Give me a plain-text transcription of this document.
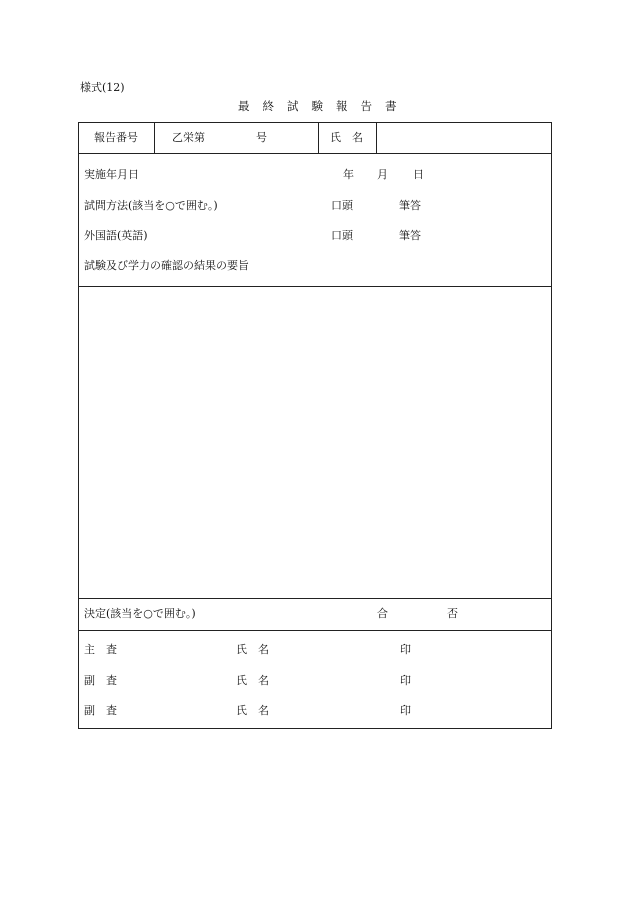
様式(12)
最終試験報告書
報告番号	乙栄第	号	氏　名
実施年月日	年 月 日
試問方法(該当を○で囲む。)	口頭	筆答
外国語(英語)	口頭	筆答
試験及び学力の確認の結果の要旨
決定(該当を○で囲む。)	合	否
主　査	氏　名	印
副　査	氏　名	印
副　査	氏　名	印
